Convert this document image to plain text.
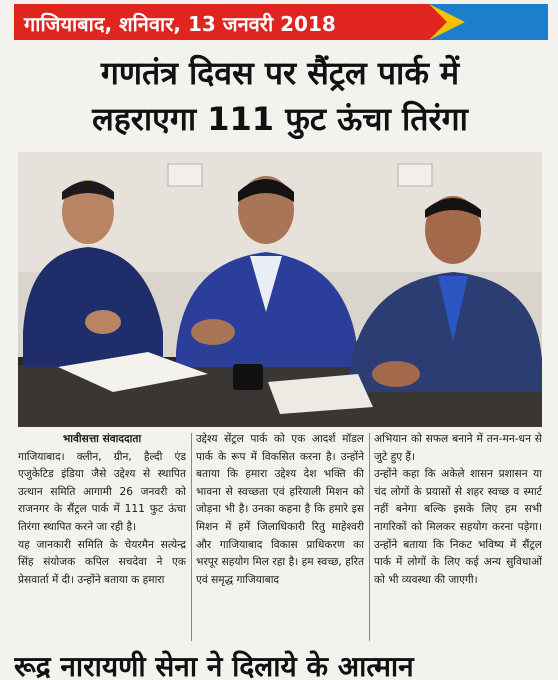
गाजियाबाद, शनिवार, 13 जनवरी 2018
गणतंत्र दिवस पर सैंट्रल पार्क में
लहराएगा 111 फुट ऊंचा तिरंगा
भावीसत्ता संवाददाता

गाजियाबाद। क्लीन, ग्रीन, हैल्दी एंड एजुकेटिड इंडिया जैसे उद्देश्य से स्थापित उत्थान समिति आगामी 26 जनवरी को राजनगर के सैंट्रल पार्क में 111 फुट ऊंचा तिरंगा स्थापित करने जा रही है।

यह जानकारी समिति के चेयरमैन सत्येन्द्र सिंह संयोजक कपिल सचदेवा ने एक प्रेसवार्ता में दी। उन्होंने बताया क हमारा

उद्देश्य सेंट्रल पार्क को एक आदर्श मॉडल पार्क के रूप में विकसित करना है। उन्होंने बताया कि हमारा उद्देश्य देश भक्ति की भावना से स्वच्छता एवं हरियाली मिशन को जोड़ना भी है। उनका कहना है कि हमारे इस मिशन में हमें जिलाधिकारी रितु माहेश्वरी और गाजियाबाद विकास प्राधिकरण का भरपूर सहयोग मिल रहा है। हम स्वच्छ, हरित एवं समृद्ध गाजियाबाद

अभियान को सफल बनाने में तन-मन-धन से जुटे हुए हैं।

उन्होंने कहा कि अकेले शासन प्रशासन या चंद लोगों के प्रयासों से शहर स्वच्छ व स्मार्ट नहीं बनेगा बल्कि इसके लिए हम सभी नागरिकों को मिलकर सहयोग करना पड़ेगा। उन्होंने बताया कि निकट भविष्य में सैंट्रल पार्क में लोगों के लिए कई अन्य सुविधाओं को भी व्यवस्था की जाएगी।

रूद्र नारायणी सेना ने दिलाये के आत्मान
